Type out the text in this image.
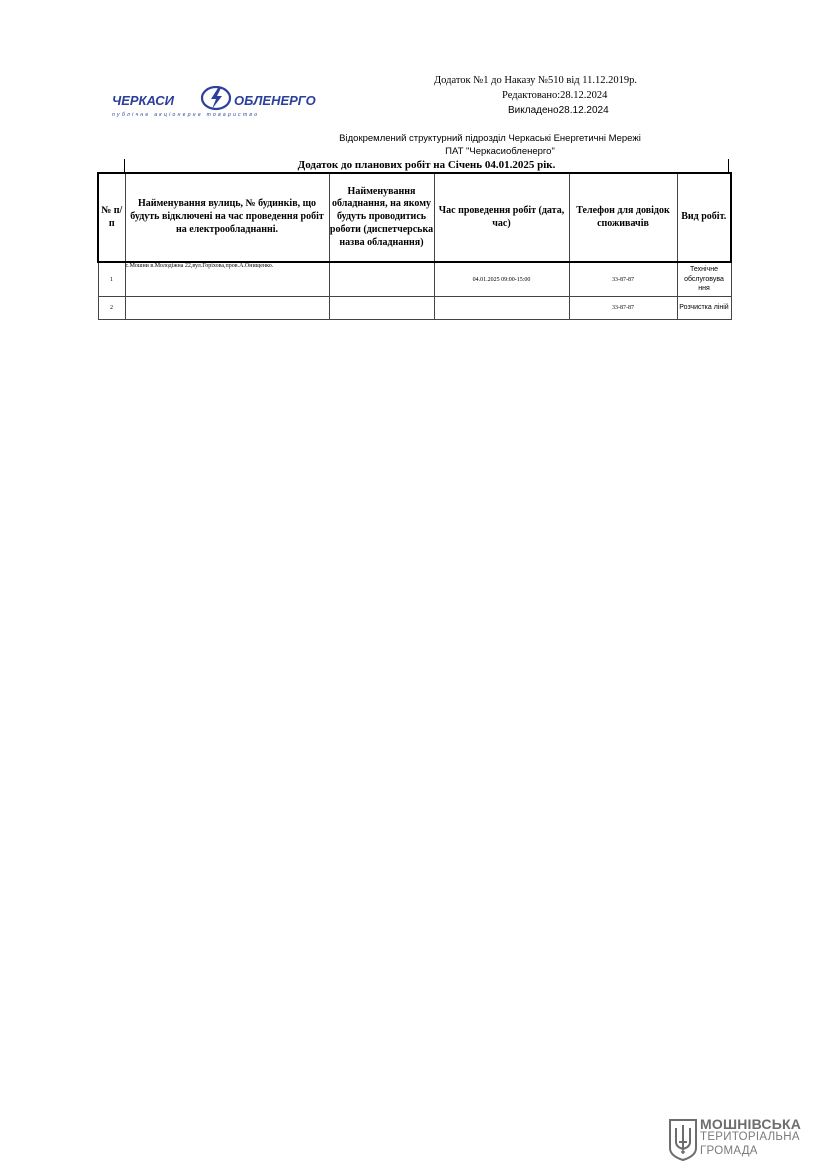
ЧЕРКАСИ	ОБЛЕНЕРГО
публічне акціонерне товариство
Додаток №1 до Наказу №510 від 11.12.2019р.
Редактовано:28.12.2024
Викладено28.12.2024
Відокремлений структурний підрозділ Черкаські Енергетичні Мережі
ПАТ "Черкасиобленерго"
Додаток до планових робіт на Січень 04.01.2025 рік.
№ п/п	Найменування вулиць, № будинків, що будуть відключені на час проведення робіт на електрообладнанні.	Найменування обладнання, на якому будуть проводитись роботи (диспетчерська назва обладнання)	Час проведення робіт (дата, час)	Телефон для довідок споживачів	Вид робіт.
1	с.Мошни в.Молодіжна 22,вул.Горіхова,пров.А.Онищенко.		04.01.2025 09:00-15:00	33-87-87	Технічне обслуговува ння
2				33-87-87	Розчистка ліній
МОШНІВСЬКА
ТЕРИТОРІАЛЬНА
ГРОМАДА
